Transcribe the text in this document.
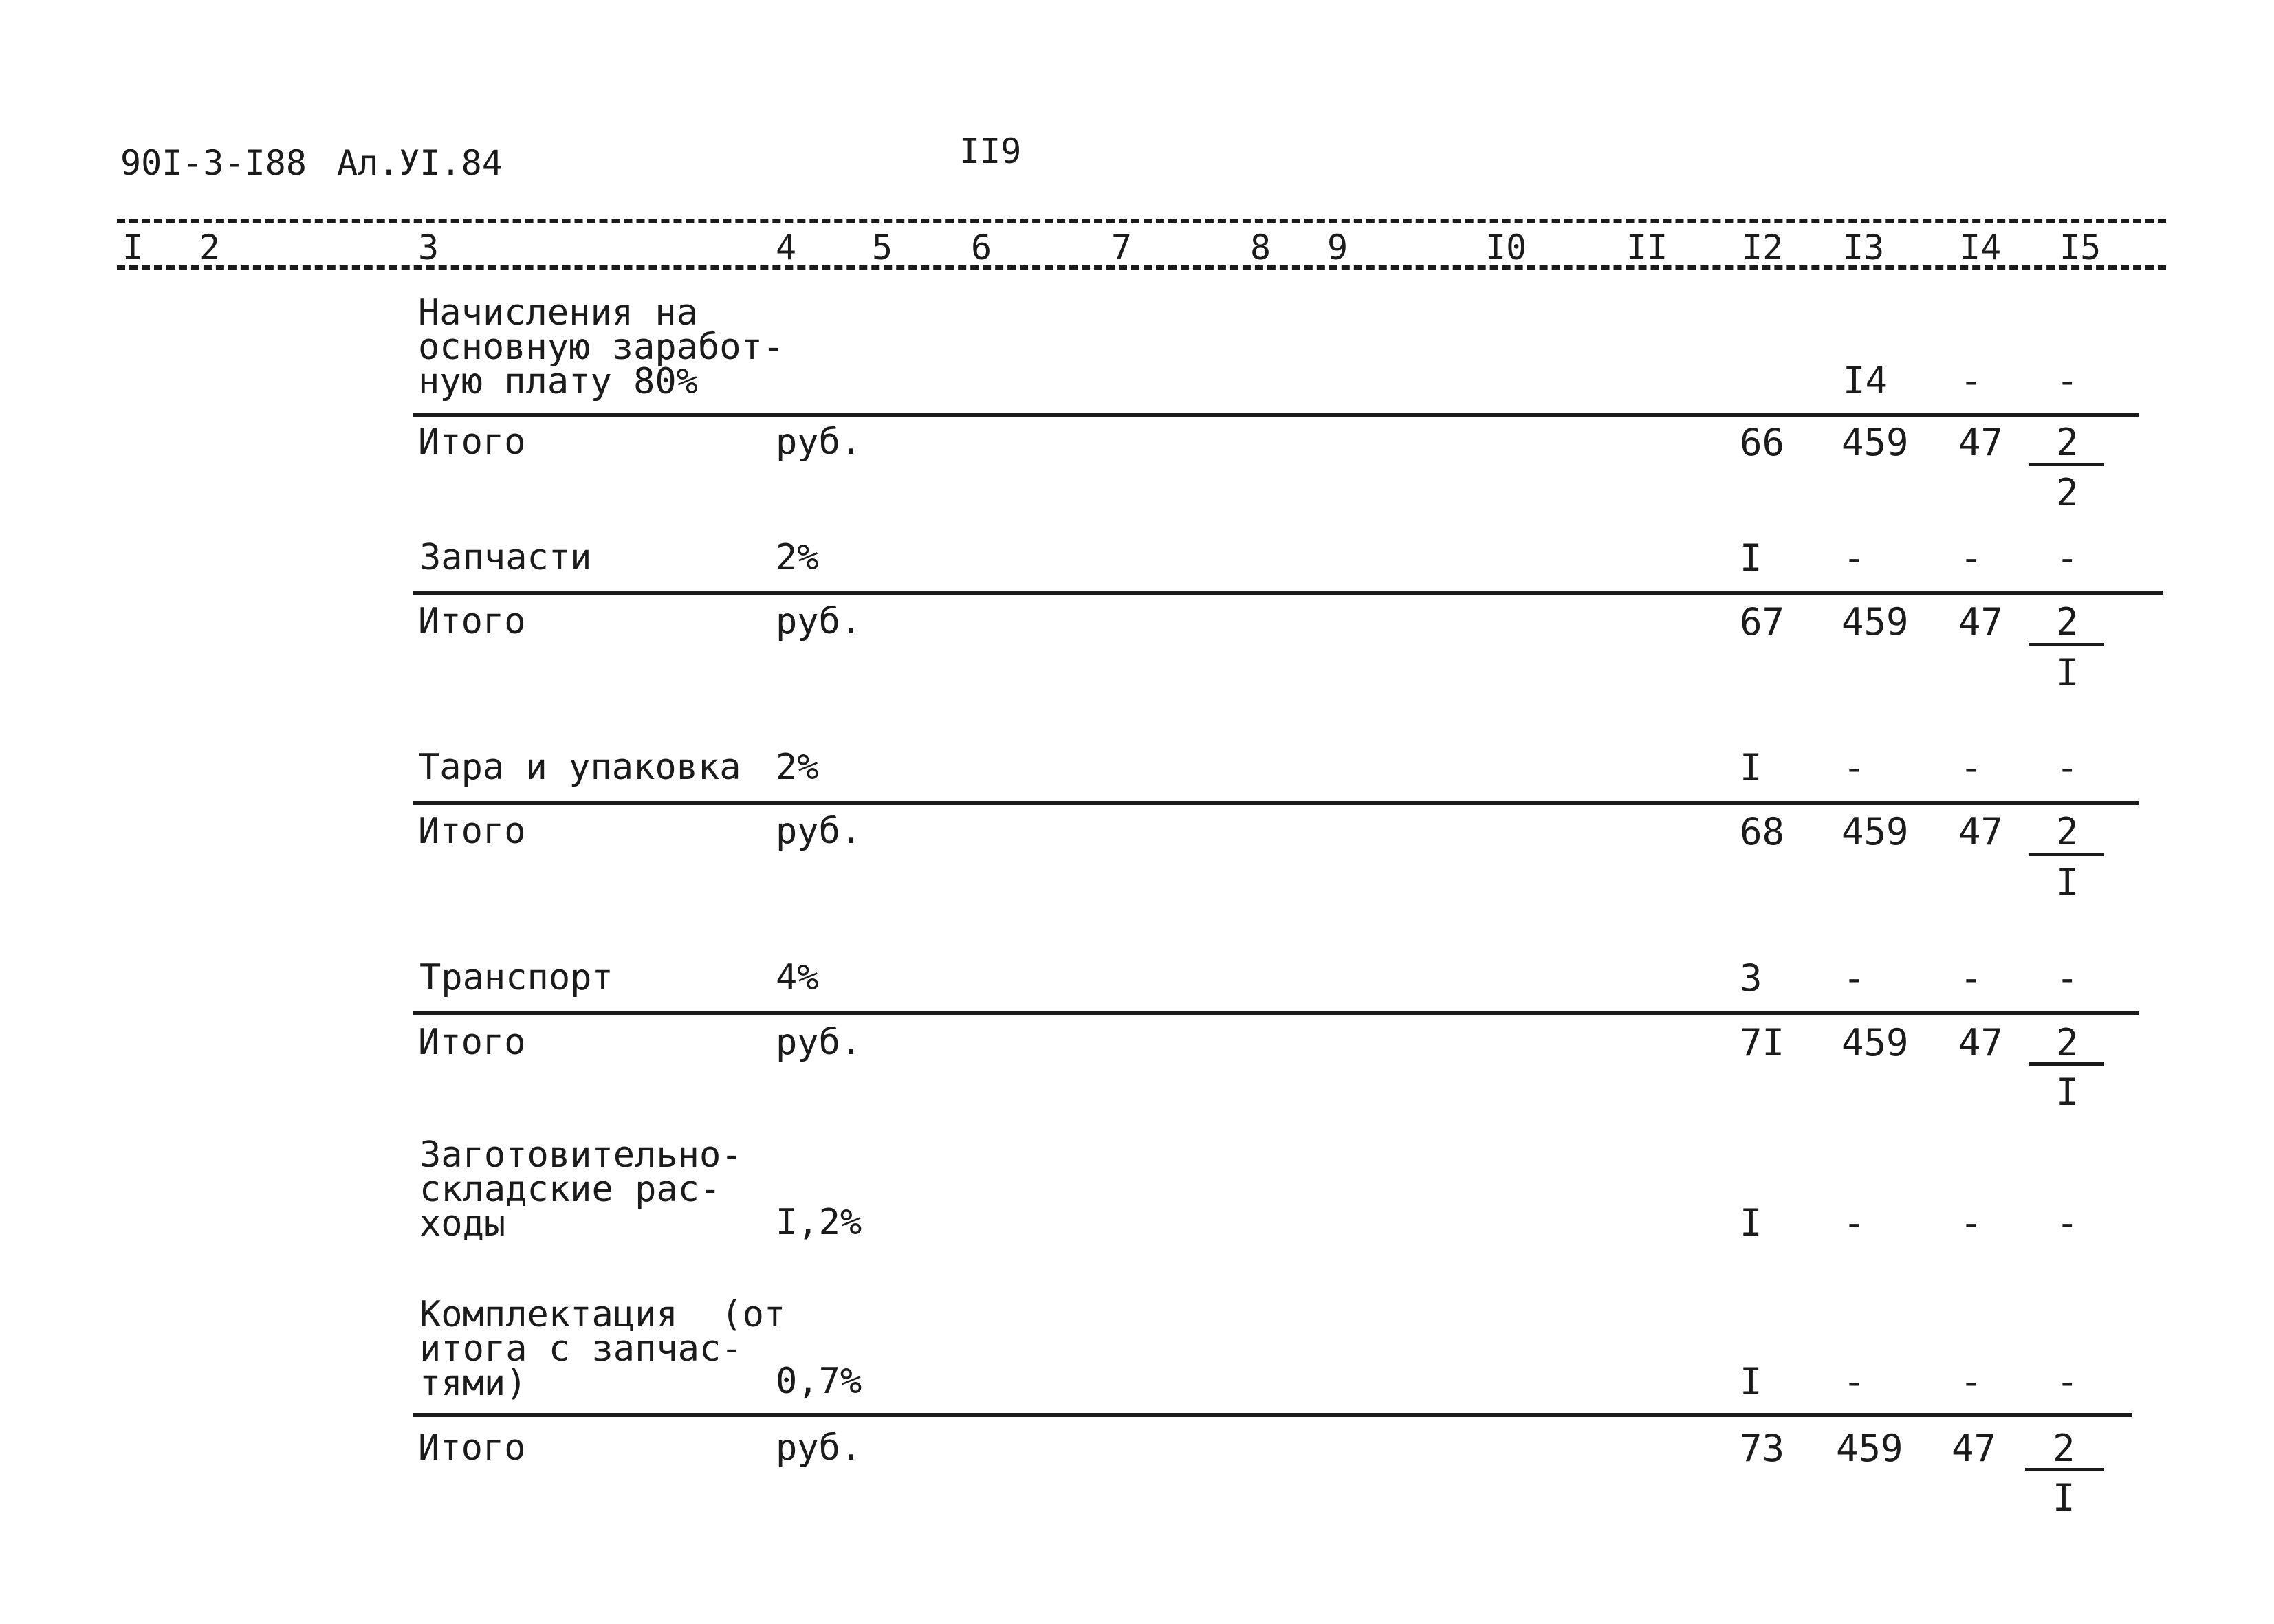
90I-3-I88 Ал.УI.84	II9
I 2	3	4 5 6	7	8 9	I0	II I2 I3 I4 I5
Начисления на
основную заработ-
ную плату 80%	I4 - -
Итого	руб.	66 459 47 2
2
Запчасти	2%	I -	- -
Итого	руб.	67 459 47 2
I
Тара и упаковка 2%	I -	- -
Итого	руб.	68 459 47 2
I
Транспорт	4%	3 -	- -
Итого	руб.	7I 459 47 2
I
Заготовительно-
складские рас-
ходы	I,2%	I -	- -
Комплектация  (от
итога с запчас-
тями)	0,7%	I -	- -
Итого	руб.	73 459 47 2
I
